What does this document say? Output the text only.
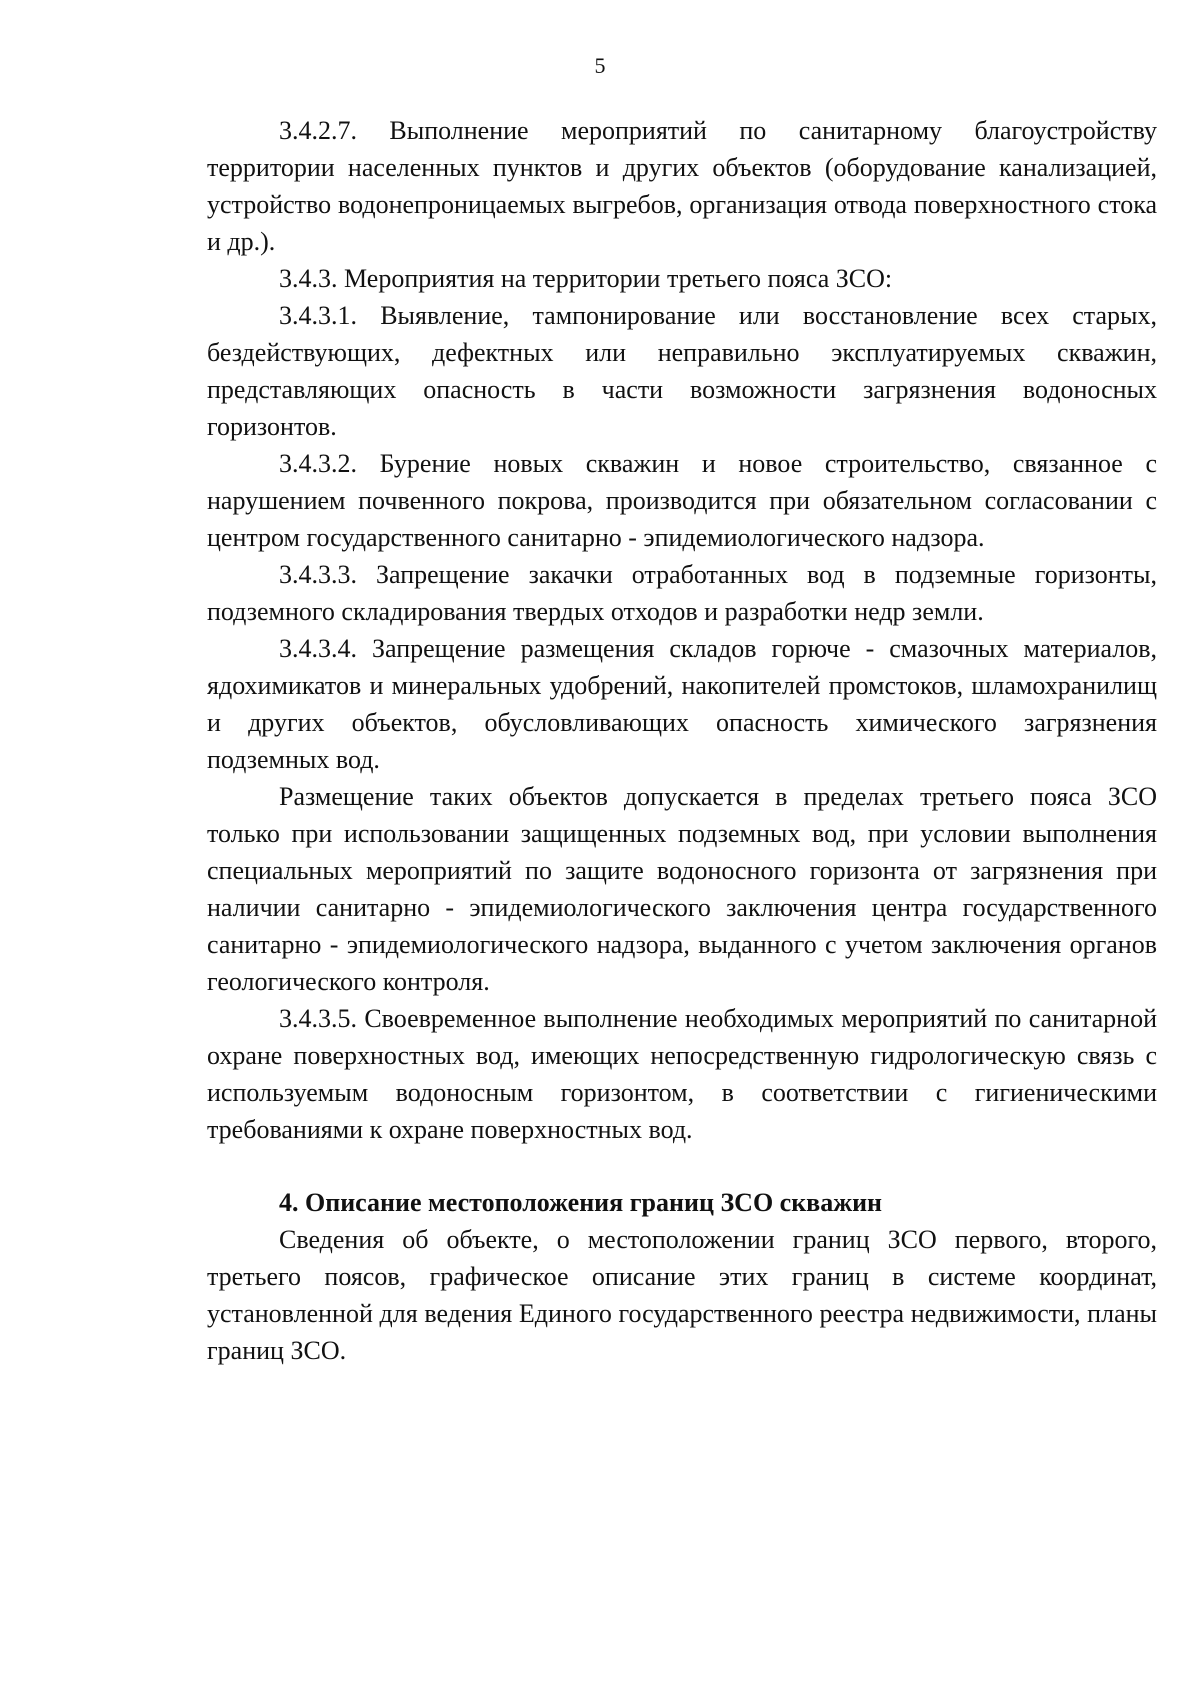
5

3.4.2.7. Выполнение мероприятий по санитарному благоустройству территории населенных пунктов и других объектов (оборудование канализацией, устройство водонепроницаемых выгребов, организация отвода поверхностного стока и др.).

3.4.3. Мероприятия на территории третьего пояса ЗСО:

3.4.3.1. Выявление, тампонирование или восстановление всех старых, бездействующих, дефектных или неправильно эксплуатируемых скважин, представляющих опасность в части возможности загрязнения водоносных горизонтов.

3.4.3.2. Бурение новых скважин и новое строительство, связанное с нарушением почвенного покрова, производится при обязательном согласовании с центром государственного санитарно - эпидемиологического надзора.

3.4.3.3. Запрещение закачки отработанных вод в подземные горизонты, подземного складирования твердых отходов и разработки недр земли.

3.4.3.4. Запрещение размещения складов горюче - смазочных материалов, ядохимикатов и минеральных удобрений, накопителей промстоков, шламохранилищ и других объектов, обусловливающих опасность химического загрязнения подземных вод.

Размещение таких объектов допускается в пределах третьего пояса ЗСО только при использовании защищенных подземных вод, при условии выполнения специальных мероприятий по защите водоносного горизонта от загрязнения при наличии санитарно - эпидемиологического заключения центра государственного санитарно - эпидемиологического надзора, выданного с учетом заключения органов геологического контроля.

3.4.3.5. Своевременное выполнение необходимых мероприятий по санитарной охране поверхностных вод, имеющих непосредственную гидрологическую связь с используемым водоносным горизонтом, в соответствии с гигиеническими требованиями к охране поверхностных вод.

4. Описание местоположения границ ЗСО скважин

Сведения об объекте, о местоположении границ ЗСО первого, второго, третьего поясов, графическое описание этих границ в системе координат, установленной для ведения Единого государственного реестра недвижимости, планы границ ЗСО.
